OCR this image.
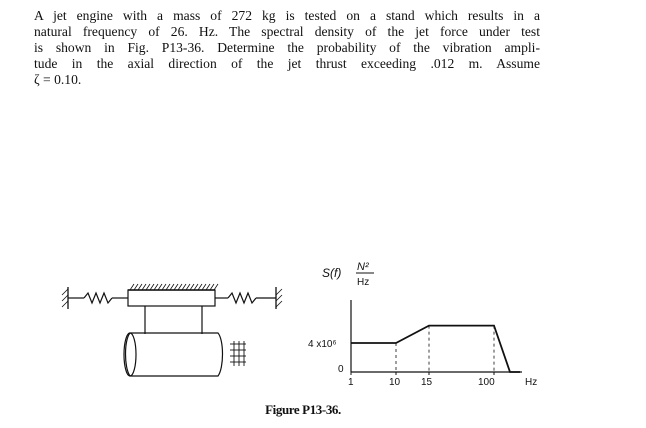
A jet engine with a mass of 272 kg is tested on a stand which results in a
natural frequency of 26. Hz. The spectral density of the jet force under test
is shown in Fig. P13-36. Determine the probability of the vibration ampli-
tude in the axial direction of the jet thrust exceeding .012 m. Assume
ζ = 0.10.
S(f) N²
Hz
4 x10⁶
0
1	10 15	100	Hz
Figure P13-36.
